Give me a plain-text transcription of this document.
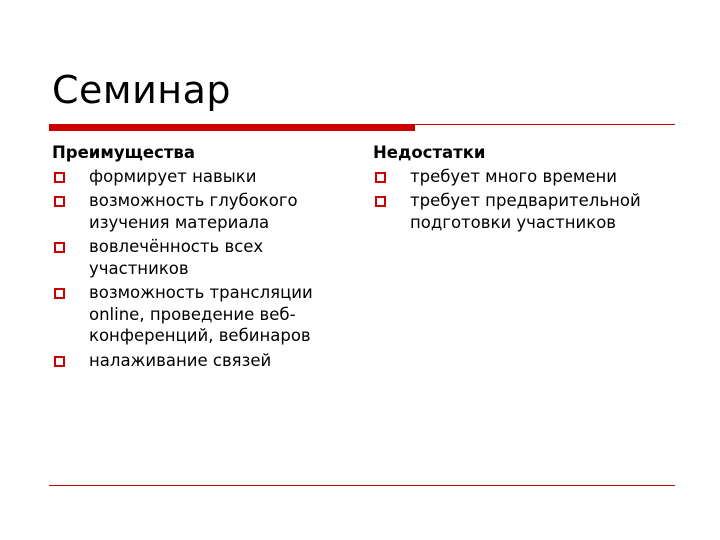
Семинар
Преимущества
формирует навыки
возможность глубокого изучения материала
вовлечённость всех участников
возможность трансляции online, проведение веб-конференций, вебинаров
налаживание связей
Недостатки
требует много времени
требует предварительной подготовки участников
